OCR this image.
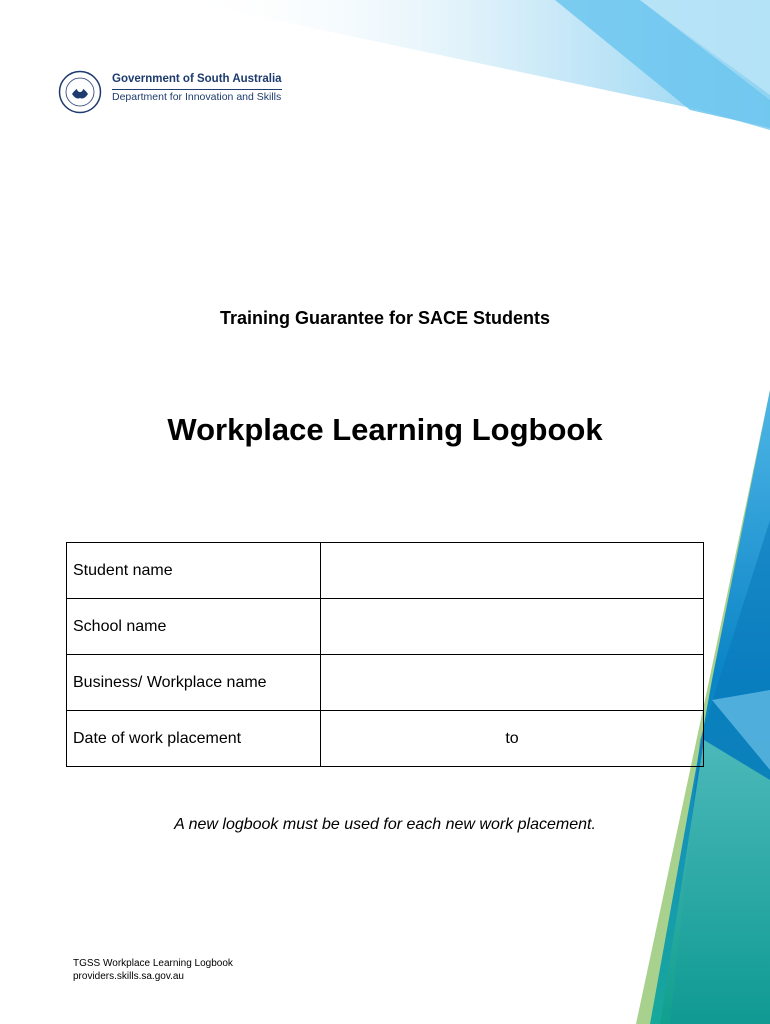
Government of South Australia
Department for Innovation and Skills
Training Guarantee for SACE Students
Workplace Learning Logbook
Student name	
School name	
Business/ Workplace name	
Date of work placement	to
A new logbook must be used for each new work placement.
TGSS Workplace Learning Logbook
providers.skills.sa.gov.au
